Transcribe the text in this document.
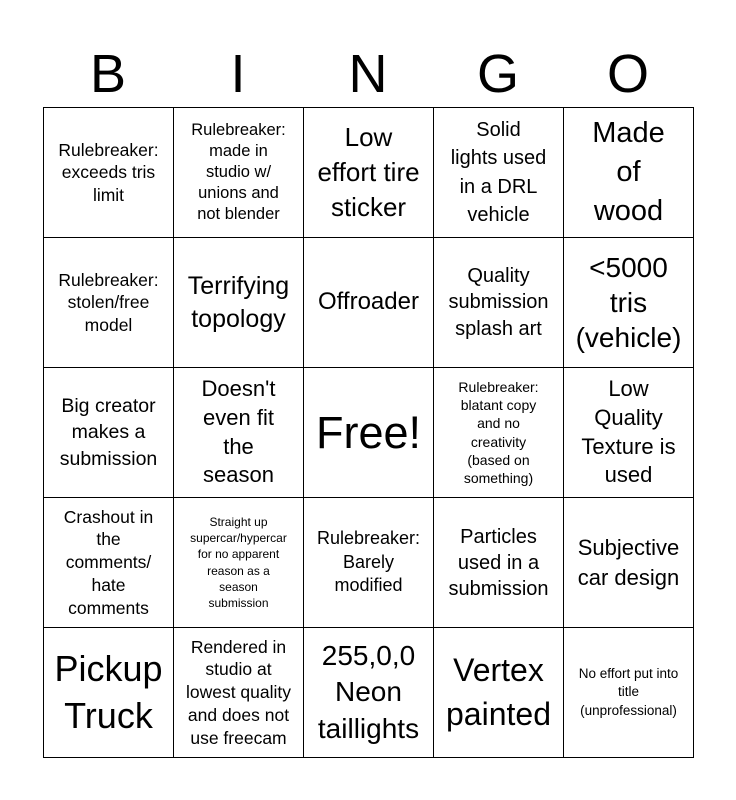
B	I	N	G	O
Rulebreaker:
exceeds tris
limit
Rulebreaker:
made in
studio w/
unions and
not blender
Low
effort tire
sticker
Solid
lights used
in a DRL
vehicle
Made
of
wood
Rulebreaker:
stolen/free
model
Terrifying
topology
Offroader
Quality
submission
splash art
<5000
tris
(vehicle)
Big creator
makes a
submission
Doesn't
even fit
the
season
Free!
Rulebreaker:
blatant copy
and no
creativity
(based on
something)
Low
Quality
Texture is
used
Crashout in
the
comments/
hate
comments
Straight up
supercar/hypercar
for no apparent
reason as a
season
submission
Rulebreaker:
Barely
modified
Particles
used in a
submission
Subjective
car design
Pickup
Truck
Rendered in
studio at
lowest quality
and does not
use freecam
255,0,0
Neon
taillights
Vertex
painted
No effort put into
title
(unprofessional)
